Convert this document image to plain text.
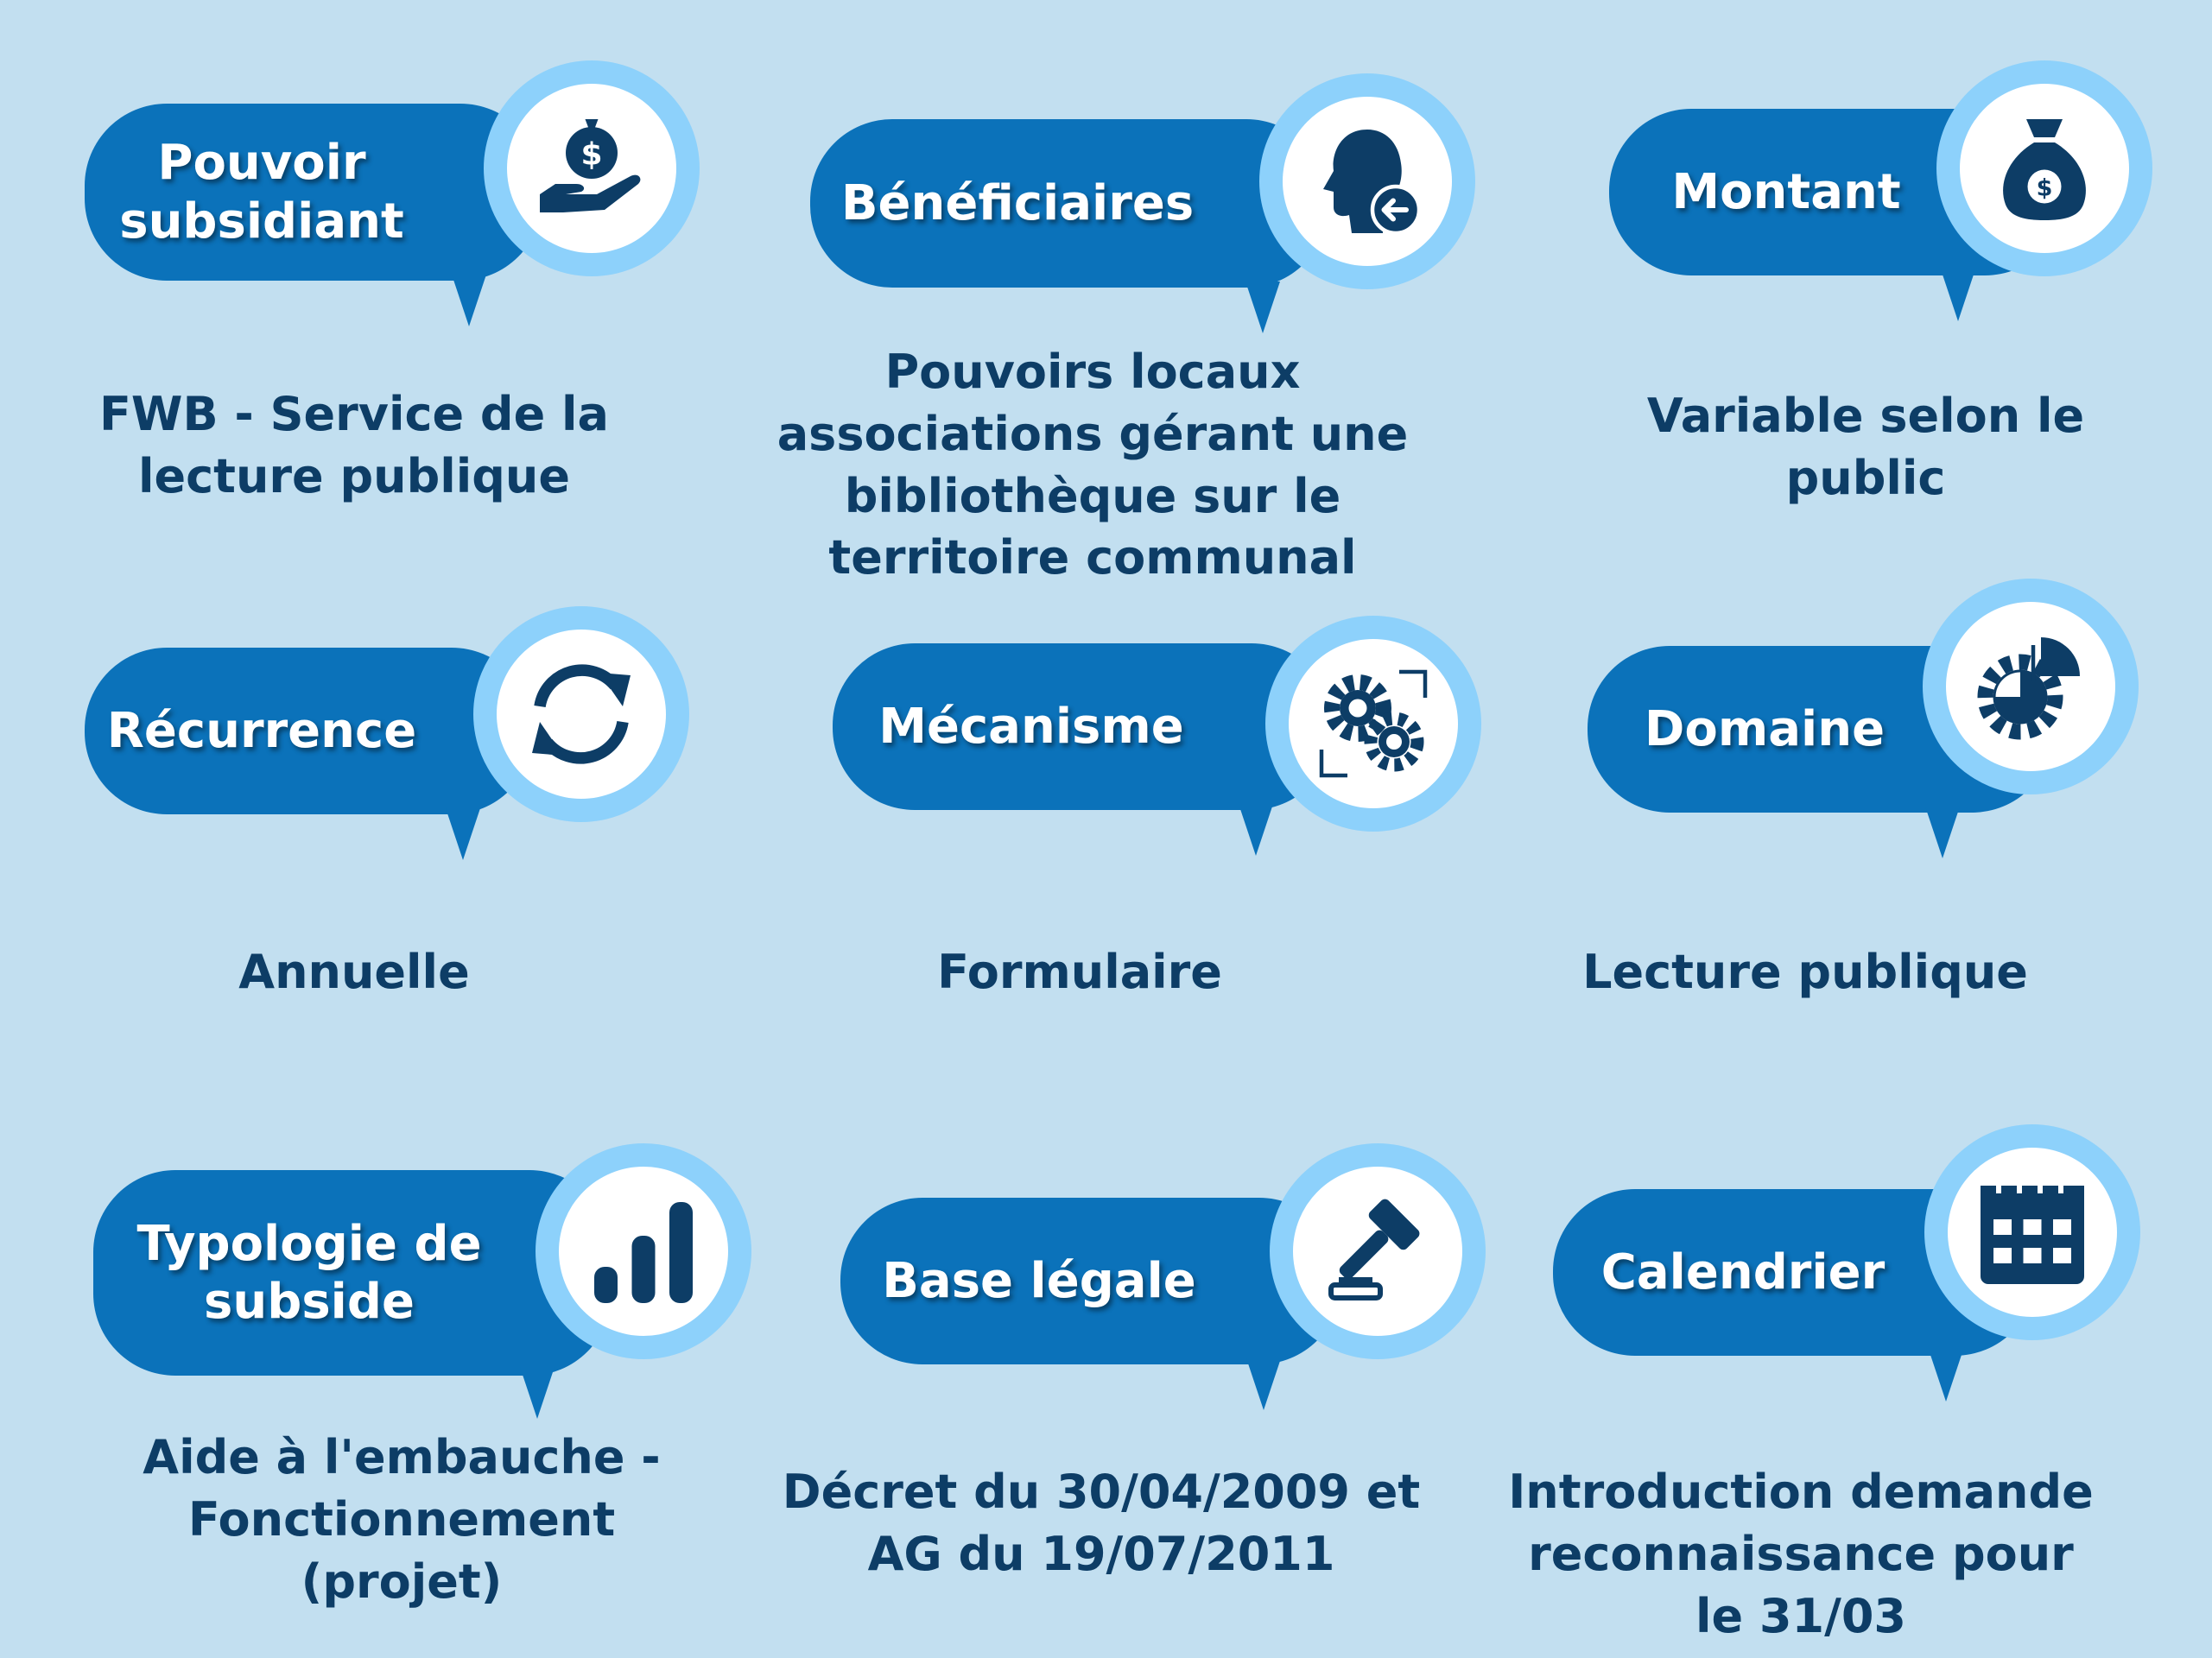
Pouvoir
subsidiant
$
FWB - Service de la
lecture publique
Bénéficiaires
Pouvoirs locaux
associations gérant une
bibliothèque sur le
territoire communal
Montant	$
Variable selon le
public
Récurrence
Annuelle
Mécanisme
Formulaire
Domaine
Lecture publique
Typologie de
subside
Aide à l'embauche -
Fonctionnement
(projet)
Base légale
Décret du 30/04/2009 et
AG du 19/07/2011
Calendrier
Introduction demande
reconnaissance pour
le 31/03
